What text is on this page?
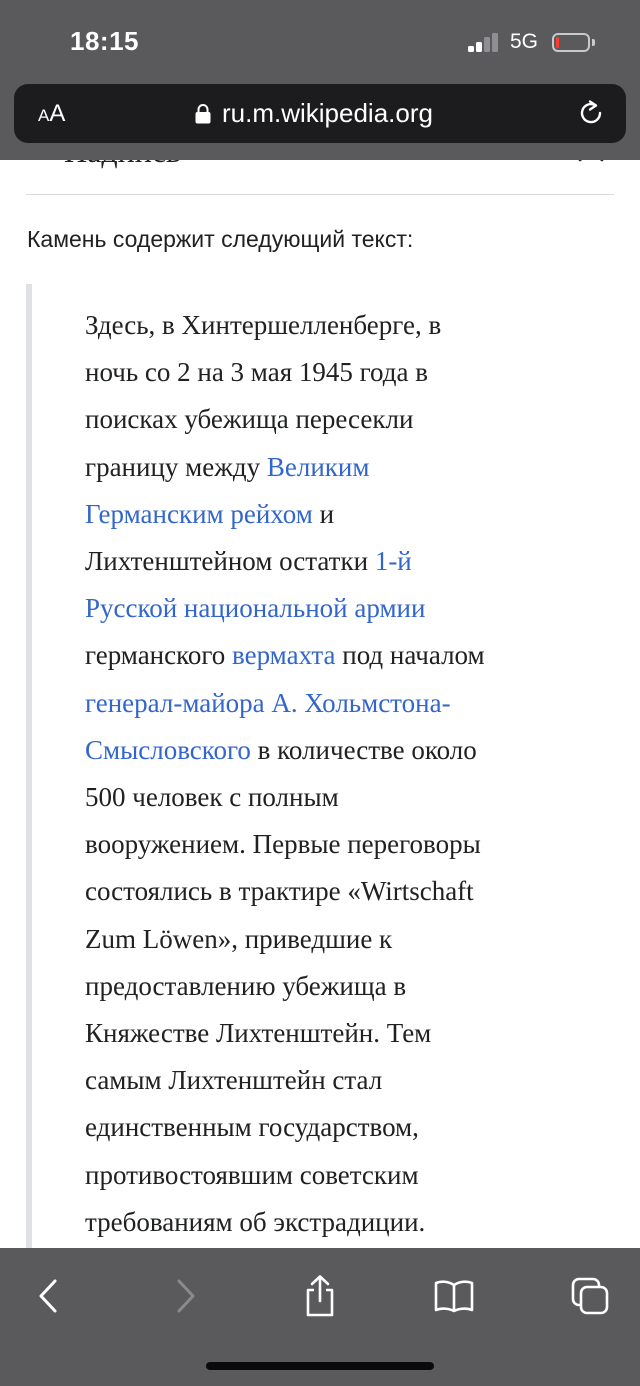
18:15	5G
A A	ru.m.wikipedia.org
Камень содержит следующий текст:
Здесь, в Хинтершелленберге, в
ночь со 2 на 3 мая 1945 года в
поисках убежища пересекли
границу между Великим
Германским рейхом и
Лихтенштейном остатки 1-й
Русской национальной армии
германского вермахта под началом
генерал-майора А. Хольмстона-
Смысловского в количестве около
500 человек с полным
вооружением. Первые переговоры
состоялись в трактире «Wirtschaft
Zum Löwen», приведшие к
предоставлению убежища в
Княжестве Лихтенштейн. Тем
самым Лихтенштейн стал
единственным государством,
противостоявшим советским
требованиям об экстрадиции.
